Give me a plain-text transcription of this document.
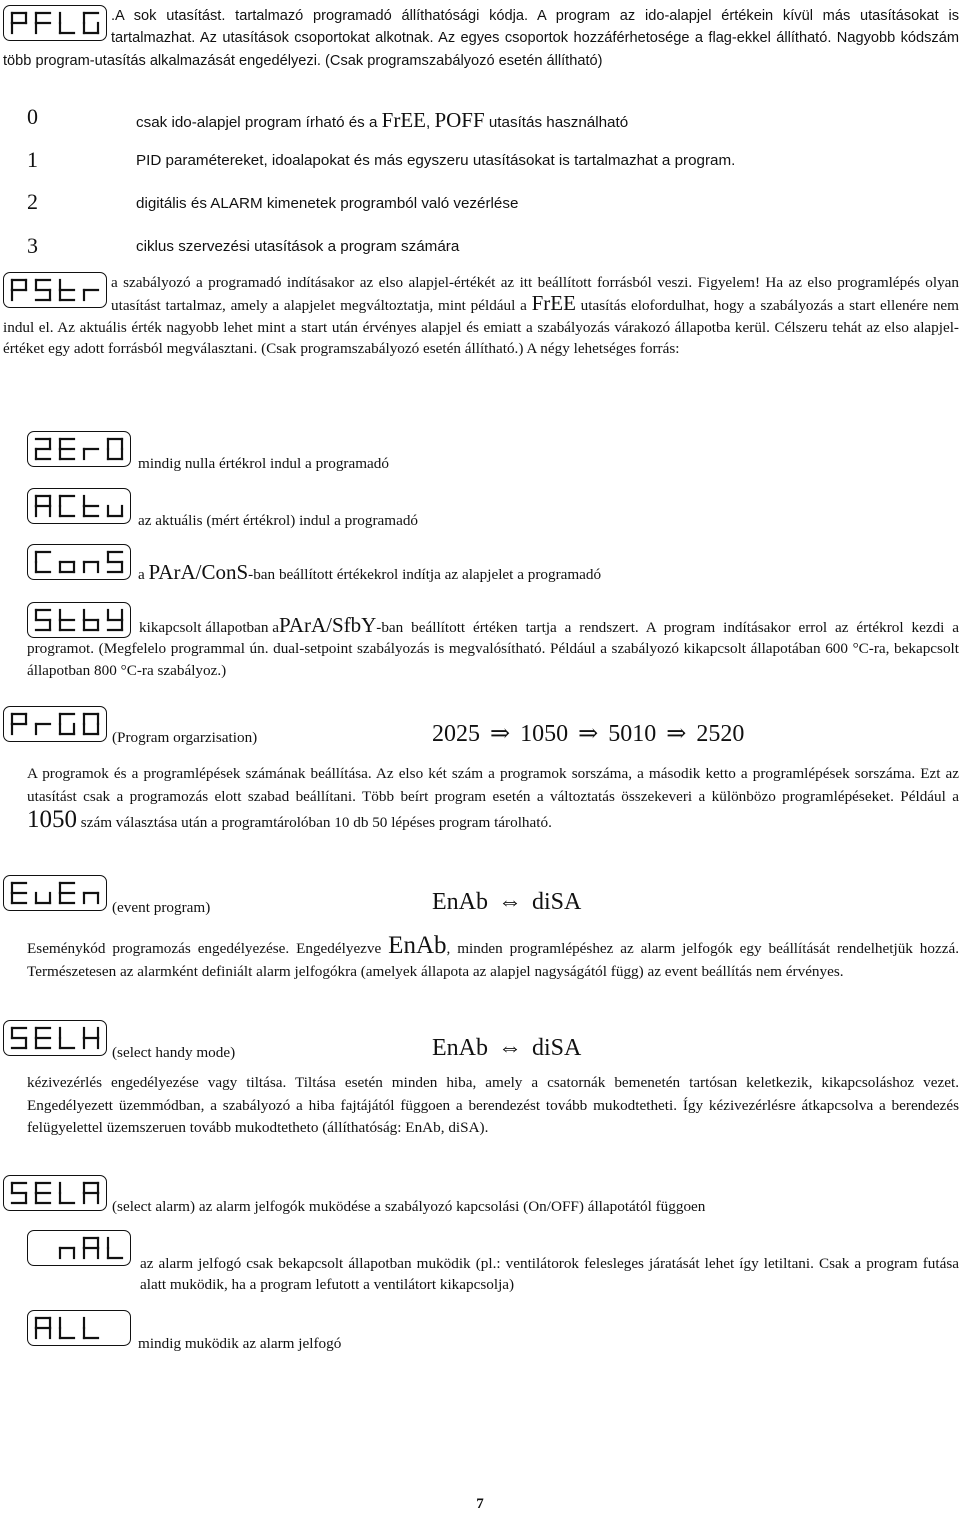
.A sok utasítást. tartalmazó programadó állíthatósági kódja. A program az ido-alapjel értékein kívül más utasításokat is tartalmazhat. Az utasítások csoportokat alkotnak. Az egyes csoportok hozzáférhetosége a flag-ekkel állítható. Nagyobb kódszám több program-utasítás alkalmazását engedélyezi. (Csak programszabályozó esetén állítható)
0	csak ido-alapjel program írható és a FrEE, POFF utasítás használható
1	PID paramétereket, idoalapokat és más egyszeru utasításokat is tartalmazhat a program.
2	digitális és ALARM kimenetek programból való vezérlése
3	ciklus szervezési utasítások a program számára
a szabályozó a programadó indításakor az elso alapjel-értékét az itt beállított forrásból veszi. Figyelem! Ha az elso programlépés olyan utasítást tartalmaz, amely a alapjelet megváltoztatja, mint például a FrEE utasítás elofordulhat, hogy a szabályozás a start ellenére nem indul el. Az aktuális érték nagyobb lehet mint a start után érvényes alapjel és emiatt a szabályozás várakozó állapotba kerül. Célszeru tehát az elso alapjel-értéket egy adott forrásból megválasztani. (Csak programszabályozó esetén állítható.) A négy lehetséges forrás:
mindig nulla értékrol indul a programadó
az aktuális (mért értékrol) indul a programadó
a PArA/ConS-ban beállított értékekrol indítja az alapjelet a programadó
kikapcsolt állapotban aPArA/SfbY-ban beállított értéken tartja a rendszert. A program indításakor errol az értékrol kezdi a programot. (Megfelelo programmal ún. dual-setpoint szabályozás is megvalósítható. Például a szabályozó kikapcsolt állapotában 600 °C-ra, bekapcsolt állapotban 800 °C-ra szabályoz.)
(Program orgarzisation)	2025 ⇒ 1050 ⇒ 5010 ⇒ 2520
A programok és a programlépések számának beállítása. Az elso két szám a programok sorszáma, a második ketto a programlépések sorszáma. Ezt az utasítást csak a programozás elott szabad beállítani. Több beírt program esetén a változtatás összekeveri a különbözo programlépéseket. Például a 1050 szám választása után a programtárolóban 10 db 50 lépéses program tárolható.
(event program)	EnAb ⇔ diSA
Eseménykód programozás engedélyezése. Engedélyezve EnAb, minden programlépéshez az alarm jelfogók egy beállítását rendelhetjük hozzá. Természetesen az alarmként definiált alarm jelfogókra (amelyek állapota az alapjel nagyságától függ) az event beállítás nem érvényes.
(select handy mode)	EnAb ⇔ diSA
kézivezérlés engedélyezése vagy tiltása. Tiltása esetén minden hiba, amely a csatornák bemenetén tartósan keletkezik, kikapcsoláshoz vezet. Engedélyezett üzemmódban, a szabályozó a hiba fajtájától függoen a berendezést tovább mukodtetheti. Így kézivezérlésre átkapcsolva a berendezés felügyelettel üzemszeruen tovább mukodtetheto (állíthatóság: EnAb, diSA).
(select alarm) az alarm jelfogók muködése a szabályozó kapcsolási (On/OFF) állapotától függoen
az alarm jelfogó csak bekapcsolt állapotban muködik (pl.: ventilátorok felesleges járatását lehet így letiltani. Csak a program futása alatt muködik, ha a program lefutott a ventilátort kikapcsolja)
mindig muködik az alarm jelfogó
7
